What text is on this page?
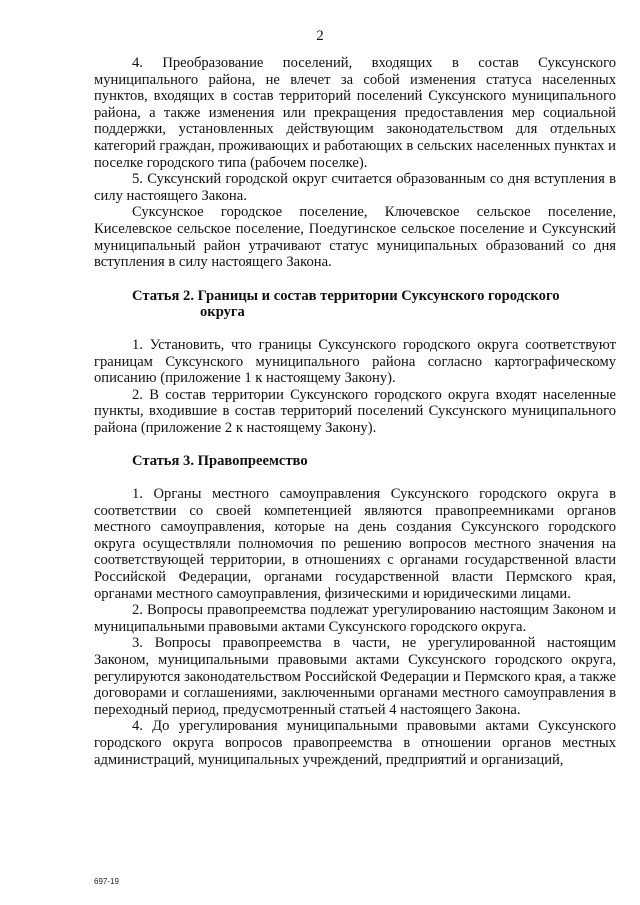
2

4. Преобразование поселений, входящих в состав Суксунского муниципального района, не влечет за собой изменения статуса населенных пунктов, входящих в состав территорий поселений Суксунского муниципального района, а также изменения или прекращения предоставления мер социальной поддержки, установленных действующим законодательством для отдельных категорий граждан, проживающих и работающих в сельских населенных пунктах и поселке городского типа (рабочем поселке).

5. Суксунский городской округ считается образованным со дня вступления в силу настоящего Закона.

Суксунское городское поселение, Ключевское сельское поселение, Киселевское сельское поселение, Поедугинское сельское поселение и Суксунский муниципальный район утрачивают статус муниципальных образований со дня вступления в силу настоящего Закона.

Статья 2. Границы и состав территории Суксунского городского
округа

1. Установить, что границы Суксунского городского округа соответствуют границам Суксунского муниципального района согласно картографическому описанию (приложение 1 к настоящему Закону).

2. В состав территории Суксунского городского округа входят населенные пункты, входившие в состав территорий поселений Суксунского муниципального района (приложение 2 к настоящему Закону).

Статья 3. Правопреемство

1. Органы местного самоуправления Суксунского городского округа в соответствии со своей компетенцией являются правопреемниками органов местного самоуправления, которые на день создания Суксунского городского округа осуществляли полномочия по решению вопросов местного значения на соответствующей территории, в отношениях с органами государственной власти Российской Федерации, органами государственной власти Пермского края, органами местного самоуправления, физическими и юридическими лицами.

2. Вопросы правопреемства подлежат урегулированию настоящим Законом и муниципальными правовыми актами Суксунского городского округа.

3. Вопросы правопреемства в части, не урегулированной настоящим Законом, муниципальными правовыми актами Суксунского городского округа, регулируются законодательством Российской Федерации и Пермского края, а также договорами и соглашениями, заключенными органами местного самоуправления в переходный период, предусмотренный статьей 4 настоящего Закона.

4. До урегулирования муниципальными правовыми актами Суксунского городского округа вопросов правопреемства в отношении органов местных администраций, муниципальных учреждений, предприятий и организаций,

697-19
